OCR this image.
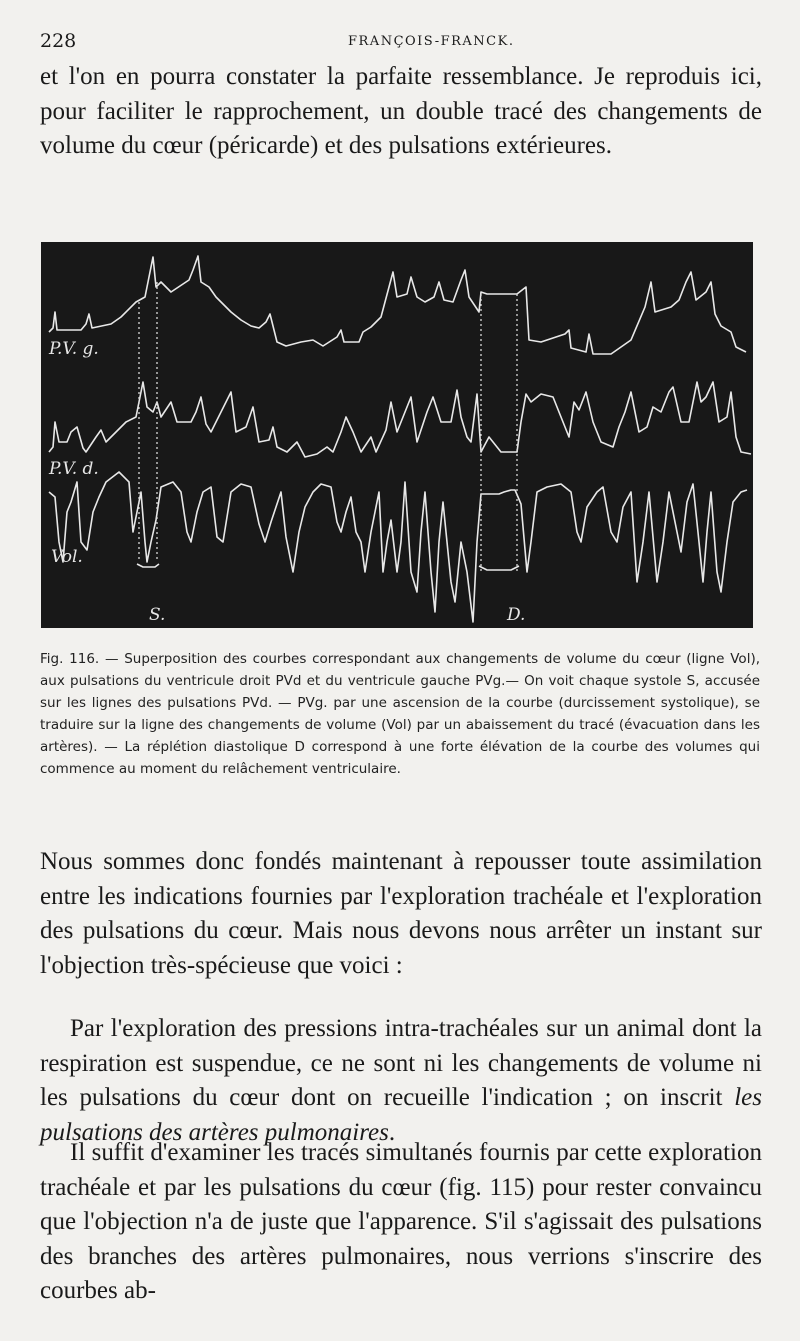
228	FRANÇOIS-FRANCK.

et l'on en pourra constater la parfaite ressemblance. Je reproduis ici, pour faciliter le rapprochement, un double tracé des changements de volume du cœur (péricarde) et des pulsations extérieures.

P.V. g.
P.V. d.
Vol.
S.	D.

Fig. 116. — Superposition des courbes correspondant aux changements de volume du cœur (ligne Vol), aux pulsations du ventricule droit PVd et du ventricule gauche PVg.— On voit chaque systole S, accusée sur les lignes des pulsations PVd. — PVg. par une ascension de la courbe (durcissement systolique), se traduire sur la ligne des changements de volume (Vol) par un abaissement du tracé (évacuation dans les artères). — La réplétion diastolique D correspond à une forte élévation de la courbe des volumes qui commence au moment du relâchement ventriculaire.

Nous sommes donc fondés maintenant à repousser toute assimilation entre les indications fournies par l'exploration trachéale et l'exploration des pulsations du cœur. Mais nous devons nous arrêter un instant sur l'objection très-spécieuse que voici :

Par l'exploration des pressions intra-trachéales sur un animal dont la respiration est suspendue, ce ne sont ni les changements de volume ni les pulsations du cœur dont on recueille l'indication ; on inscrit les pulsations des artères pulmonaires.

Il suffit d'examiner les tracés simultanés fournis par cette exploration trachéale et par les pulsations du cœur (fig. 115) pour rester convaincu que l'objection n'a de juste que l'apparence. S'il s'agissait des pulsations des branches des artères pulmonaires, nous verrions s'inscrire des courbes ab-
